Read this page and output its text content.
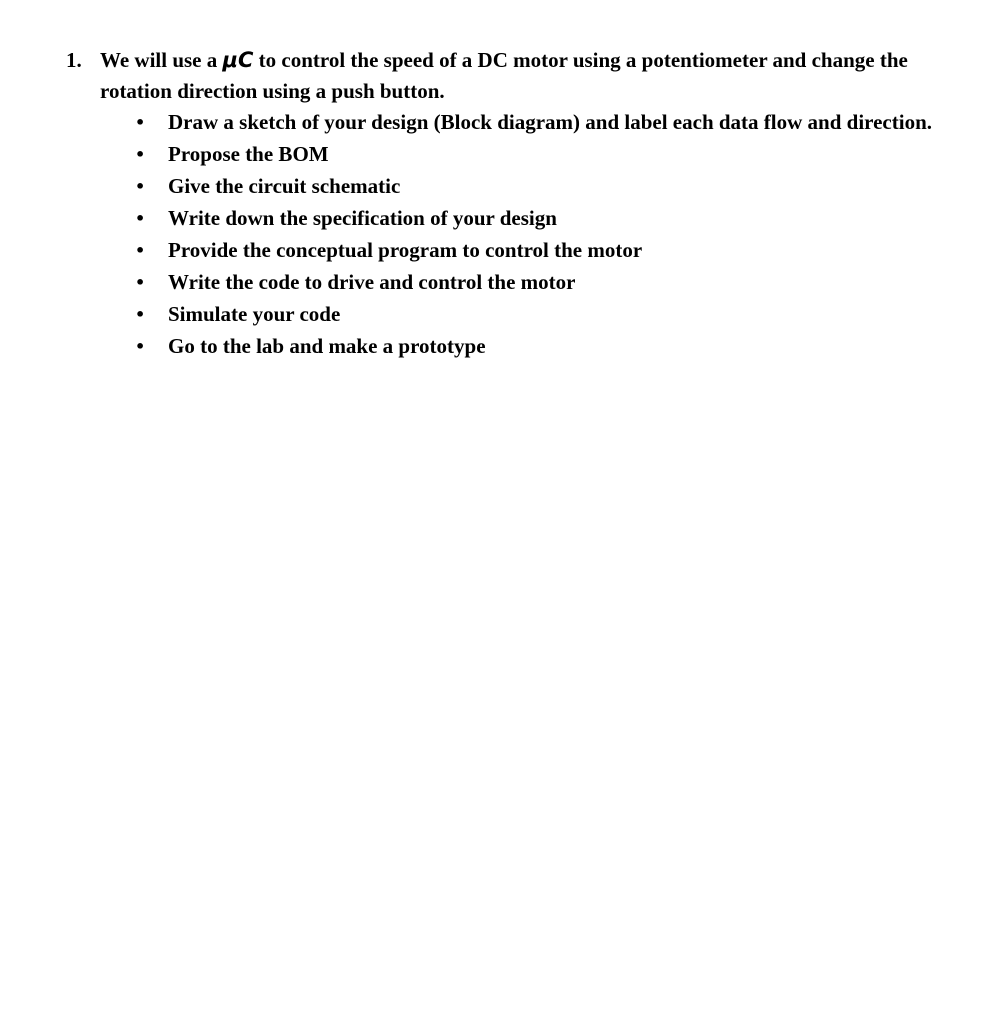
1. We will use a μC to control the speed of a DC motor using a potentiometer and change the rotation direction using a push button.
• Draw a sketch of your design (Block diagram) and label each data flow and direction.
• Propose the BOM
• Give the circuit schematic
• Write down the specification of your design
• Provide the conceptual program to control the motor
• Write the code to drive and control the motor
• Simulate your code
• Go to the lab and make a prototype
